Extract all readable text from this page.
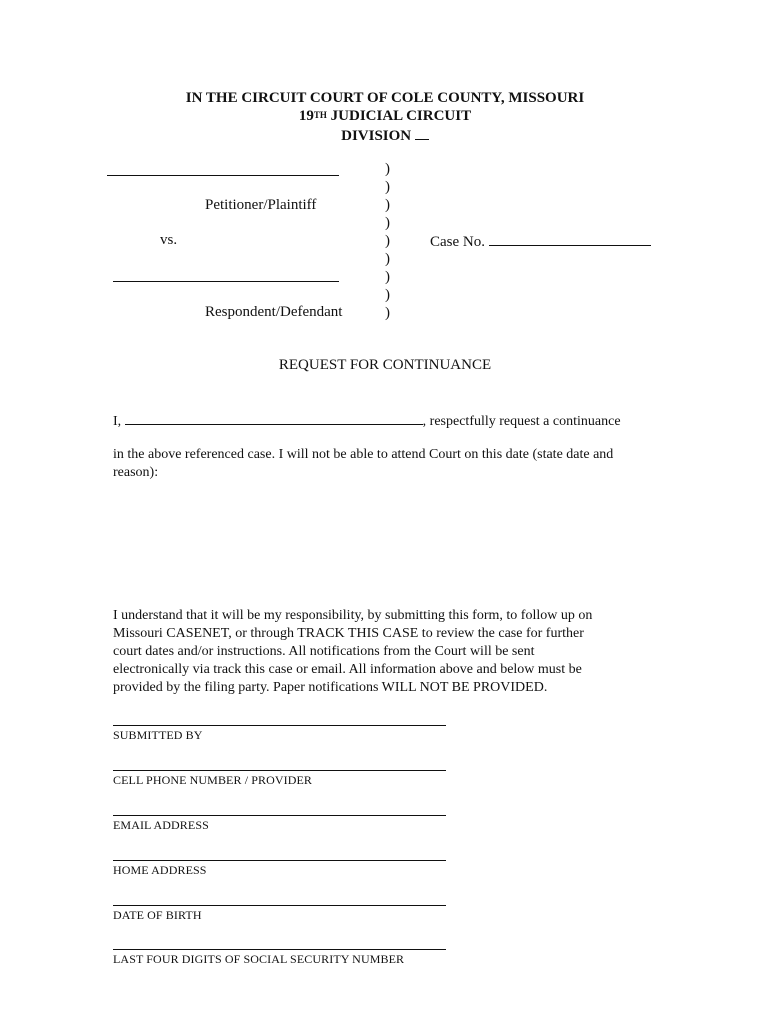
IN THE CIRCUIT COURT OF COLE COUNTY, MISSOURI
19TH JUDICIAL CIRCUIT
DIVISION
Petitioner/Plaintiff
vs.
Respondent/Defendant
)
)
)
)
)
)
)
)
)
Case No.
REQUEST FOR CONTINUANCE
I,	, respectfully request a continuance
in the above referenced case. I will not be able to attend Court on this date (state date and
reason):
I understand that it will be my responsibility, by submitting this form, to follow up on
Missouri CASENET, or through TRACK THIS CASE to review the case for further
court dates and/or instructions. All notifications from the Court will be sent
electronically via track this case or email. All information above and below must be
provided by the filing party. Paper notifications WILL NOT BE PROVIDED.
SUBMITTED BY
CELL PHONE NUMBER / PROVIDER
EMAIL ADDRESS
HOME ADDRESS
DATE OF BIRTH
LAST FOUR DIGITS OF SOCIAL SECURITY NUMBER
